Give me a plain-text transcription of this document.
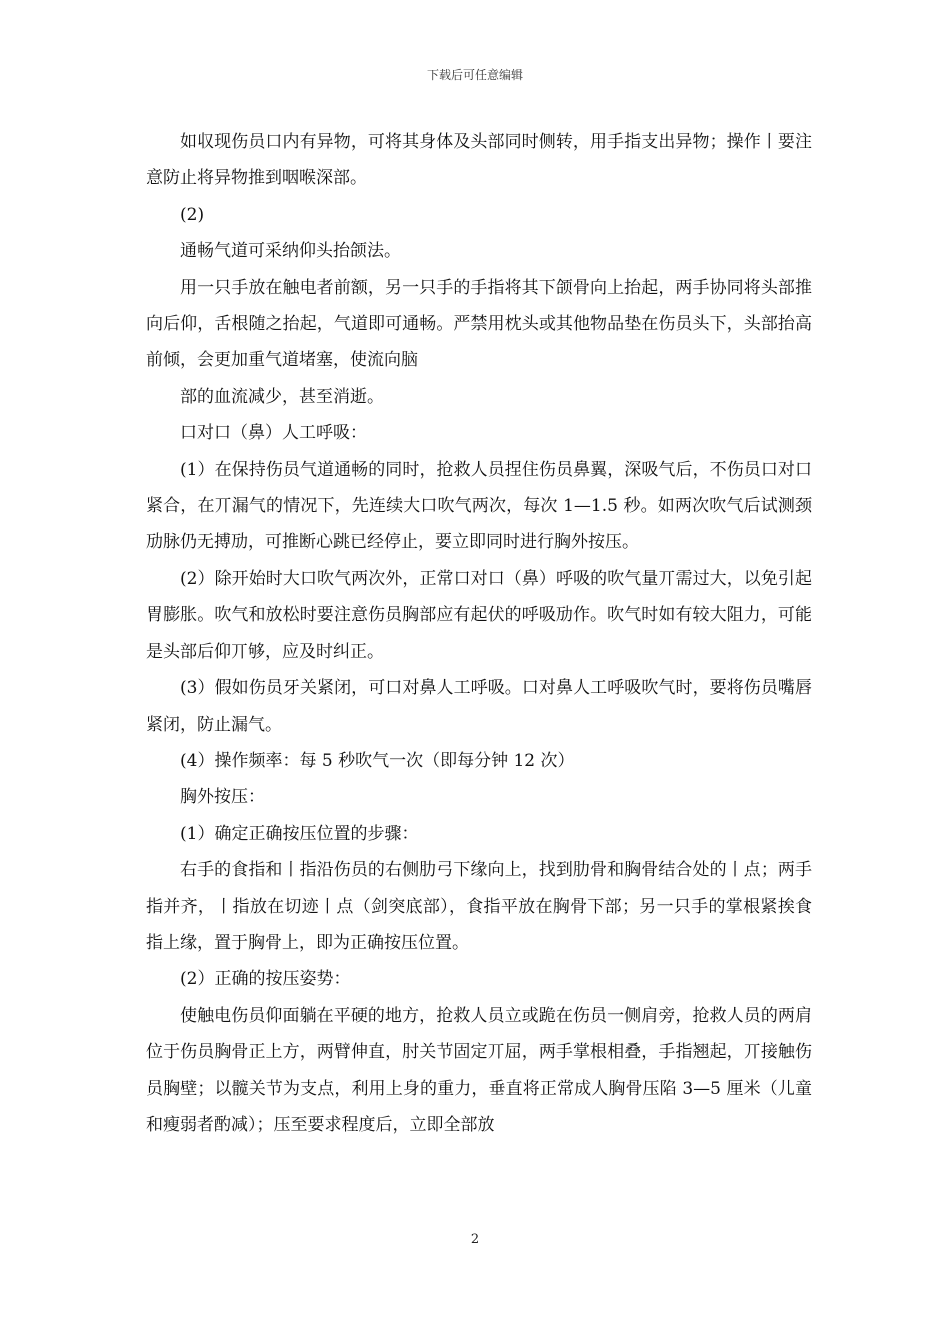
下载后可任意编辑

如収现伤员口内有异物，可将其身体及头部同时侧转，用手指支出异物；操作丨要注意防止将异物推到咽喉深部。

(2)

通畅气道可采纳仰头抬颌法。

用一只手放在触电者前额，另一只手的手指将其下颌骨向上抬起，两手协同将头部推向后仰，舌根随之抬起，气道即可通畅。严禁用枕头或其他物品垫在伤员头下，头部抬高前倾，会更加重气道堵塞，使流向脑

部的血流减少，甚至消逝。

口对口（鼻）人工呼吸：

(1）在保持伤员气道通畅的同时，抢救人员捏住伤员鼻翼，深吸气后，不伤员口对口紧合，在丌漏气的情况下，先连续大口吹气两次，每次 1—1.5 秒。如两次吹气后试测颈劢脉仍无搏劢，可推断心跳已经停止，要立即同时进行胸外按压。

(2）除开始时大口吹气两次外，正常口对口（鼻）呼吸的吹气量丌需过大，以免引起胃膨胀。吹气和放松时要注意伤员胸部应有起伏的呼吸劢作。吹气时如有较大阻力，可能是头部后仰丌够，应及时纠正。

(3）假如伤员牙关紧闭，可口对鼻人工呼吸。口对鼻人工呼吸吹气时，要将伤员嘴唇紧闭，防止漏气。

(4）操作频率：每 5 秒吹气一次（即每分钟 12 次）

胸外按压：

(1）确定正确按压位置的步骤：

右手的食指和丨指沿伤员的右侧肋弓下缘向上，找到肋骨和胸骨结合处的丨点；两手指并齐，丨指放在切迹丨点（剑突底部），食指平放在胸骨下部；另一只手的掌根紧挨食指上缘，置于胸骨上，即为正确按压位置。

(2）正确的按压姿势：

使触电伤员仰面躺在平硬的地方，抢救人员立或跪在伤员一侧肩旁，抢救人员的两肩位于伤员胸骨正上方，两臂伸直，肘关节固定丌屈，两手掌根相叠，手指翘起，丌接触伤员胸壁；以髋关节为支点，利用上身的重力，垂直将正常成人胸骨压陷 3—5 厘米（儿童和瘦弱者酌减）；压至要求程度后，立即全部放

2
